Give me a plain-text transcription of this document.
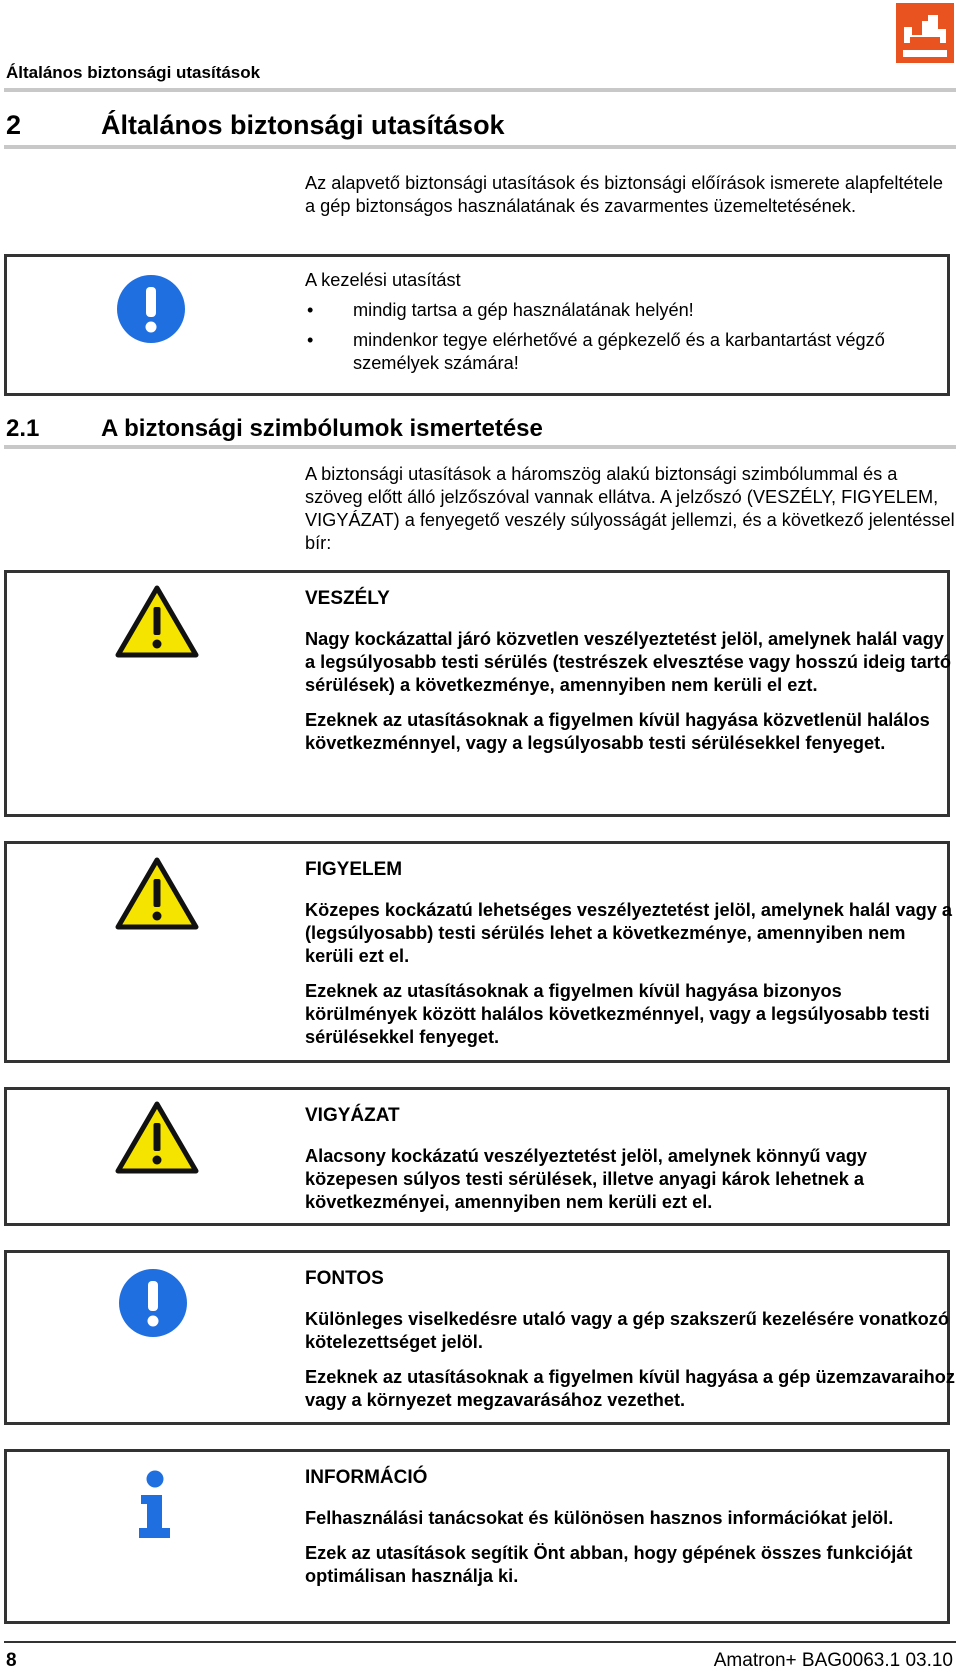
Általános biztonsági utasítások
2	Általános biztonsági utasítások
Az alapvető biztonsági utasítások és biztonsági előírások ismerete alapfeltétele a gép biztonságos használatának és zavarmentes üzemeltetésének.
A kezelési utasítást
• mindig tartsa a gép használatának helyén!
• mindenkor tegye elérhetővé a gépkezelő és a karbantartást végző személyek számára!
2.1	A biztonsági szimbólumok ismertetése
A biztonsági utasítások a háromszög alakú biztonsági szimbólummal és a szöveg előtt álló jelzőszóval vannak ellátva. A jelzőszó (VESZÉLY, FIGYELEM, VIGYÁZAT) a fenyegető veszély súlyosságát jellemzi, és a következő jelentéssel bír:
VESZÉLY
Nagy kockázattal járó közvetlen veszélyeztetést jelöl, amelynek halál vagy a legsúlyosabb testi sérülés (testrészek elvesztése vagy hosszú ideig tartó sérülések) a következménye, amennyiben nem kerüli el ezt.
Ezeknek az utasításoknak a figyelmen kívül hagyása közvetlenül halálos következménnyel, vagy a legsúlyosabb testi sérülésekkel fenyeget.
FIGYELEM
Közepes kockázatú lehetséges veszélyeztetést jelöl, amelynek halál vagy a (legsúlyosabb) testi sérülés lehet a következménye, amennyiben nem kerüli ezt el.
Ezeknek az utasításoknak a figyelmen kívül hagyása bizonyos körülmények között halálos következménnyel, vagy a legsúlyosabb testi sérülésekkel fenyeget.
VIGYÁZAT
Alacsony kockázatú veszélyeztetést jelöl, amelynek könnyű vagy közepesen súlyos testi sérülések, illetve anyagi károk lehetnek a következményei, amennyiben nem kerüli ezt el.
FONTOS
Különleges viselkedésre utaló vagy a gép szakszerű kezelésére vonatkozó kötelezettséget jelöl.
Ezeknek az utasításoknak a figyelmen kívül hagyása a gép üzemzavaraihoz vagy a környezet megzavarásához vezethet.
INFORMÁCIÓ
Felhasználási tanácsokat és különösen hasznos információkat jelöl.
Ezek az utasítások segítik Önt abban, hogy gépének összes funkcióját optimálisan használja ki.
8	Amatron+ BAG0063.1 03.10
